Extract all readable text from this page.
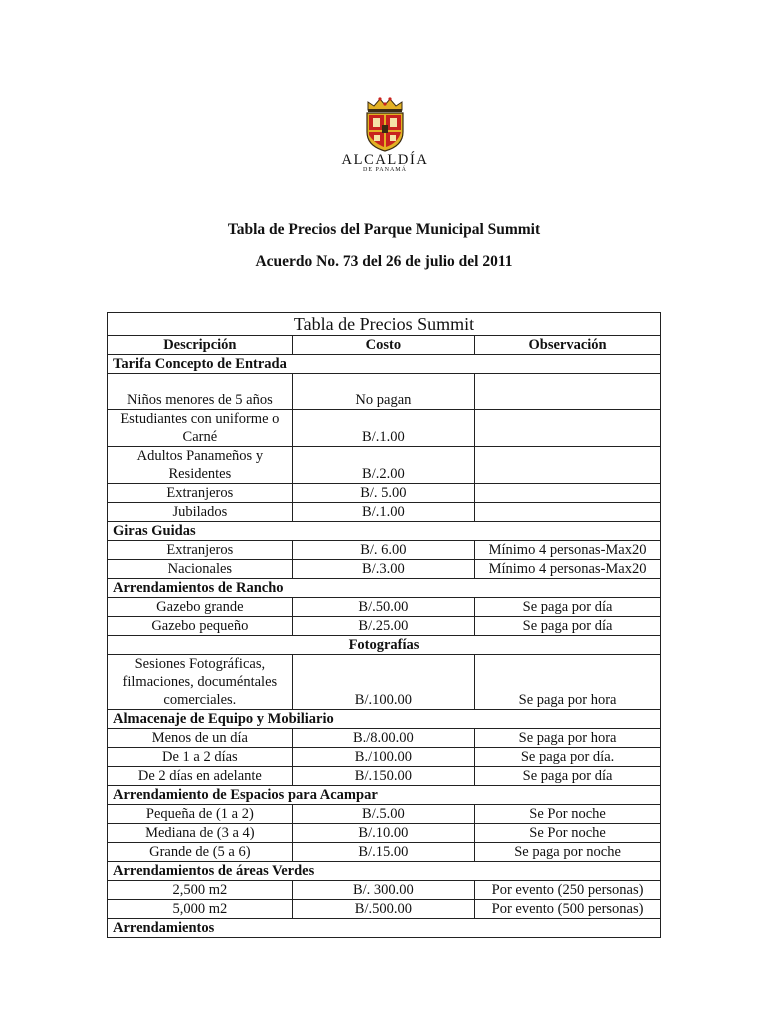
ALCALDÍA
DE PANAMÁ
Tabla de Precios del Parque Municipal Summit
Acuerdo No. 73 del 26 de julio del 2011
Tabla de Precios Summit		
Descripción	Costo	Observación
Tarifa Concepto de Entrada		
Niños menores de 5 años	No pagan	
Estudiantes con uniforme o Carné	B/.1.00	
Adultos Panameños y Residentes	B/.2.00	
Extranjeros	B/. 5.00	
Jubilados	B/.1.00	
Giras Guidas		
Extranjeros	B/. 6.00	Mínimo 4 personas-Max20
Nacionales	B/.3.00	Mínimo 4 personas-Max20
Arrendamientos de Rancho		
Gazebo grande	B/.50.00	Se paga por día
Gazebo pequeño	B/.25.00	Se paga por día
Fotografías		
Sesiones Fotográficas, filmaciones, documéntales comerciales.	B/.100.00	Se paga por hora
Almacenaje de Equipo y Mobiliario		
Menos de un día	B./8.00.00	Se paga por hora
De 1 a 2 días	B./100.00	Se paga por día.
De 2 días en adelante	B/.150.00	Se paga por día
Arrendamiento de Espacios para Acampar		
Pequeña de (1 a 2)	B/.5.00	Se Por noche
Mediana de (3 a 4)	B/.10.00	Se Por noche
Grande de (5 a 6)	B/.15.00	Se paga por noche
Arrendamientos de áreas Verdes		
2,500 m2	B/. 300.00	Por evento (250 personas)
5,000 m2	B/.500.00	Por evento (500 personas)
Arrendamientos		
